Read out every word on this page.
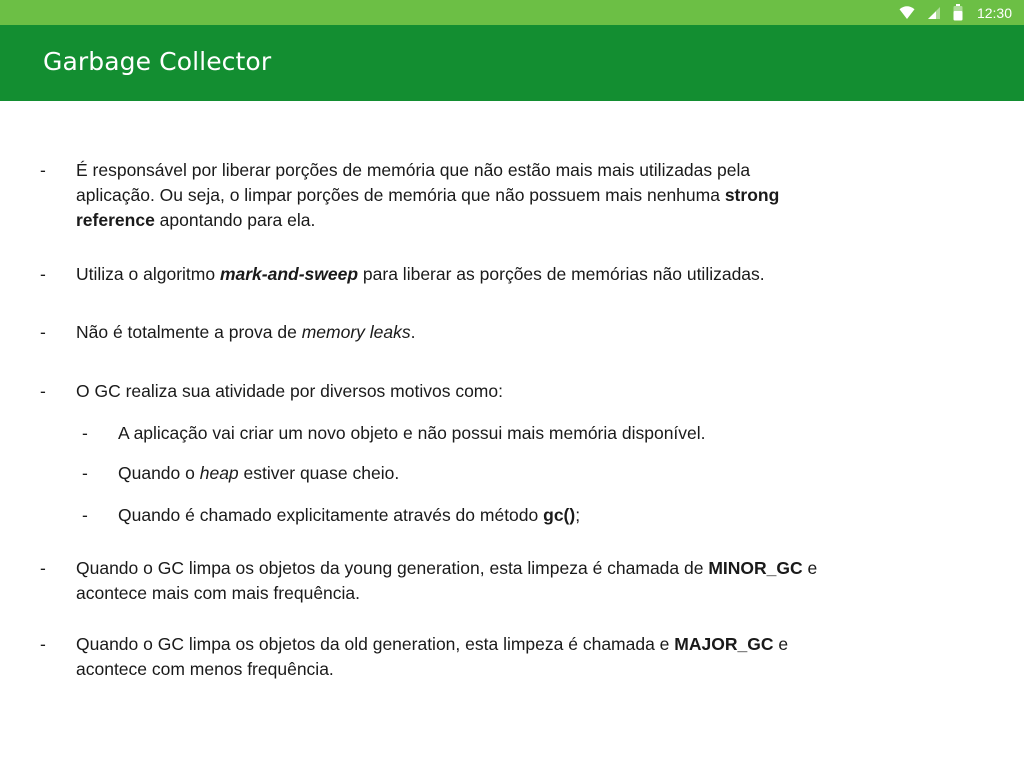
12:30
Garbage Collector
- É responsável por liberar porções de memória que não estão mais mais utilizadas pela
aplicação. Ou seja, o limpar porções de memória que não possuem mais nenhuma strong
reference apontando para ela.
- Utiliza o algoritmo mark-and-sweep para liberar as porções de memórias não utilizadas.
- Não é totalmente a prova de memory leaks.
- O GC realiza sua atividade por diversos motivos como:
- A aplicação vai criar um novo objeto e não possui mais memória disponível.
- Quando o heap estiver quase cheio.
- Quando é chamado explicitamente através do método gc();
- Quando o GC limpa os objetos da young generation, esta limpeza é chamada de MINOR_GC e
acontece mais com mais frequência.
- Quando o GC limpa os objetos da old generation, esta limpeza é chamada e MAJOR_GC e
acontece com menos frequência.
